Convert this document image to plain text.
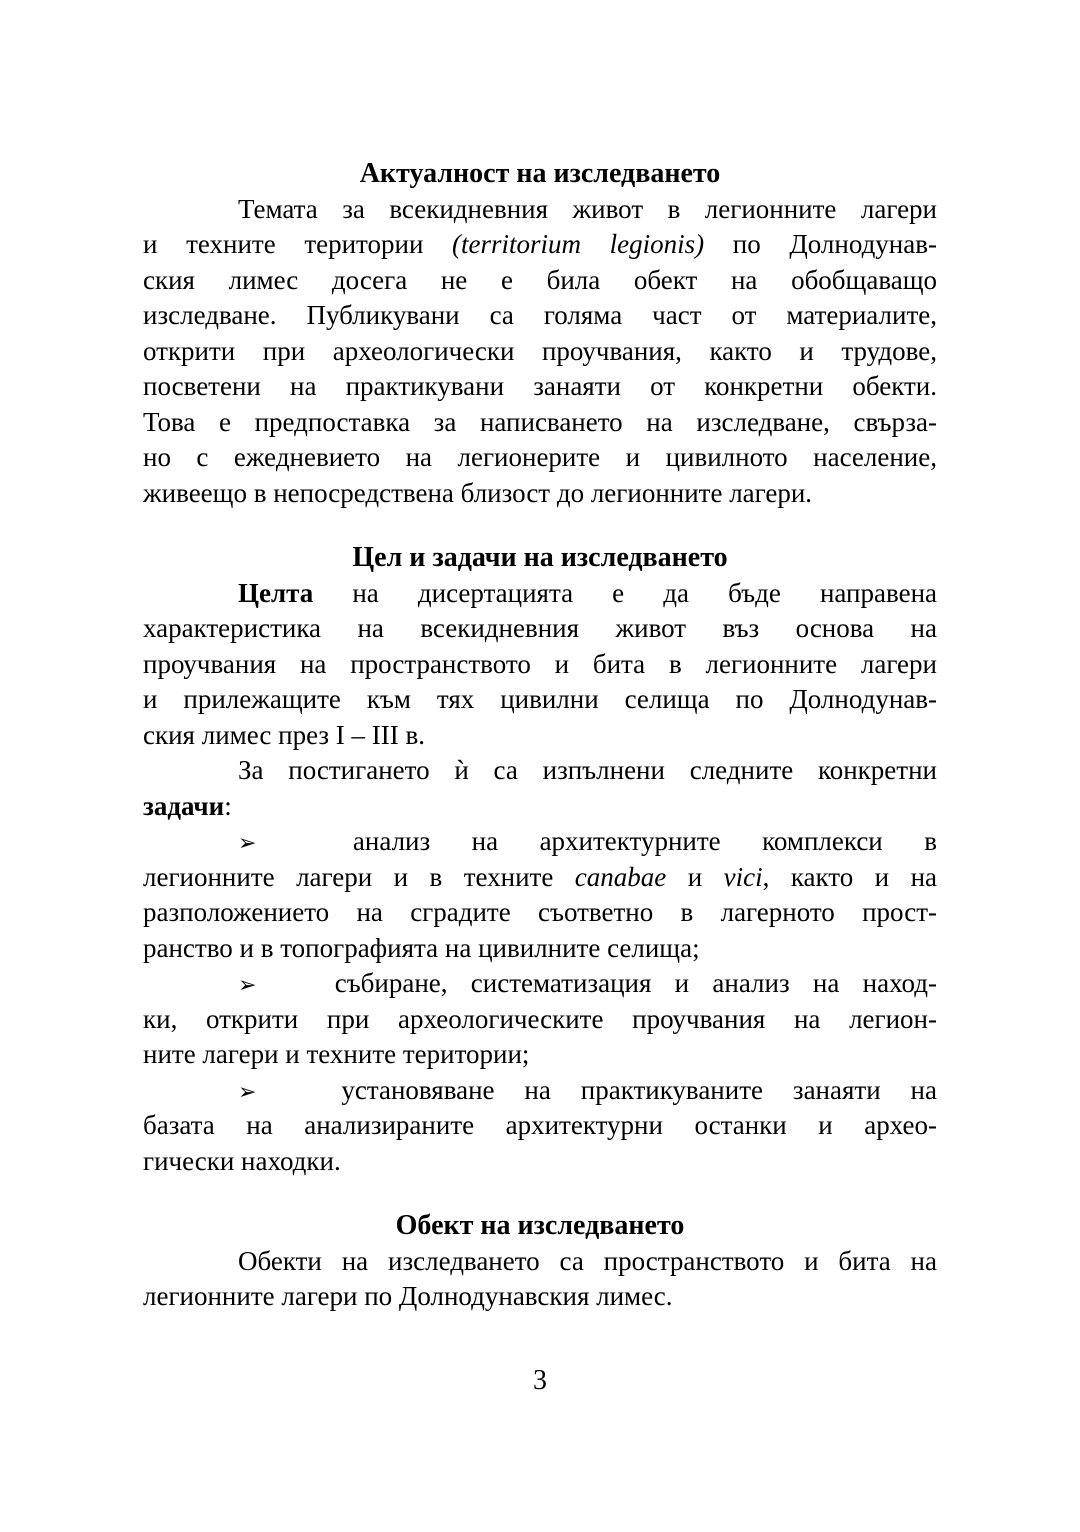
Актуалност на изследването
Темата за всекидневния живот в легионните лагери
и техните територии (territorium legionis) по Долнодунав-
ския лимес досега не е била обект на обобщаващо
изследване. Публикувани са голяма част от материалите,
открити при археологически проучвания, както и трудове,
посветени на практикувани занаяти от конкретни обекти.
Това е предпоставка за написването на изследване, свърза-
но с ежедневието на легионерите и цивилното население,
живеещо в непосредствена близост до легионните лагери.
Цел и задачи на изследването
Целта на дисертацията е да бъде направена
характеристика на всекидневния живот въз основа на
проучвания на пространството и бита в легионните лагери
и прилежащите към тях цивилни селища по Долнодунав-
ския лимес през I – III в.
За постигането ѝ са изпълнени следните конкретни
задачи:
➢ анализ на архитектурните комплекси в
легионните лагери и в техните canabae и vici, както и на
разположението на сградите съответно в лагерното прост-
ранство и в топографията на цивилните селища;
➢ събиране, систематизация и анализ на наход-
ки, открити при археологическите проучвания на легион-
ните лагери и техните територии;
➢ установяване на практикуваните занаяти на
базата на анализираните архитектурни останки и архео-
гически находки.
Обект на изследването
Обекти на изследването са пространството и бита на
легионните лагери по Долнодунавския лимес.
3
